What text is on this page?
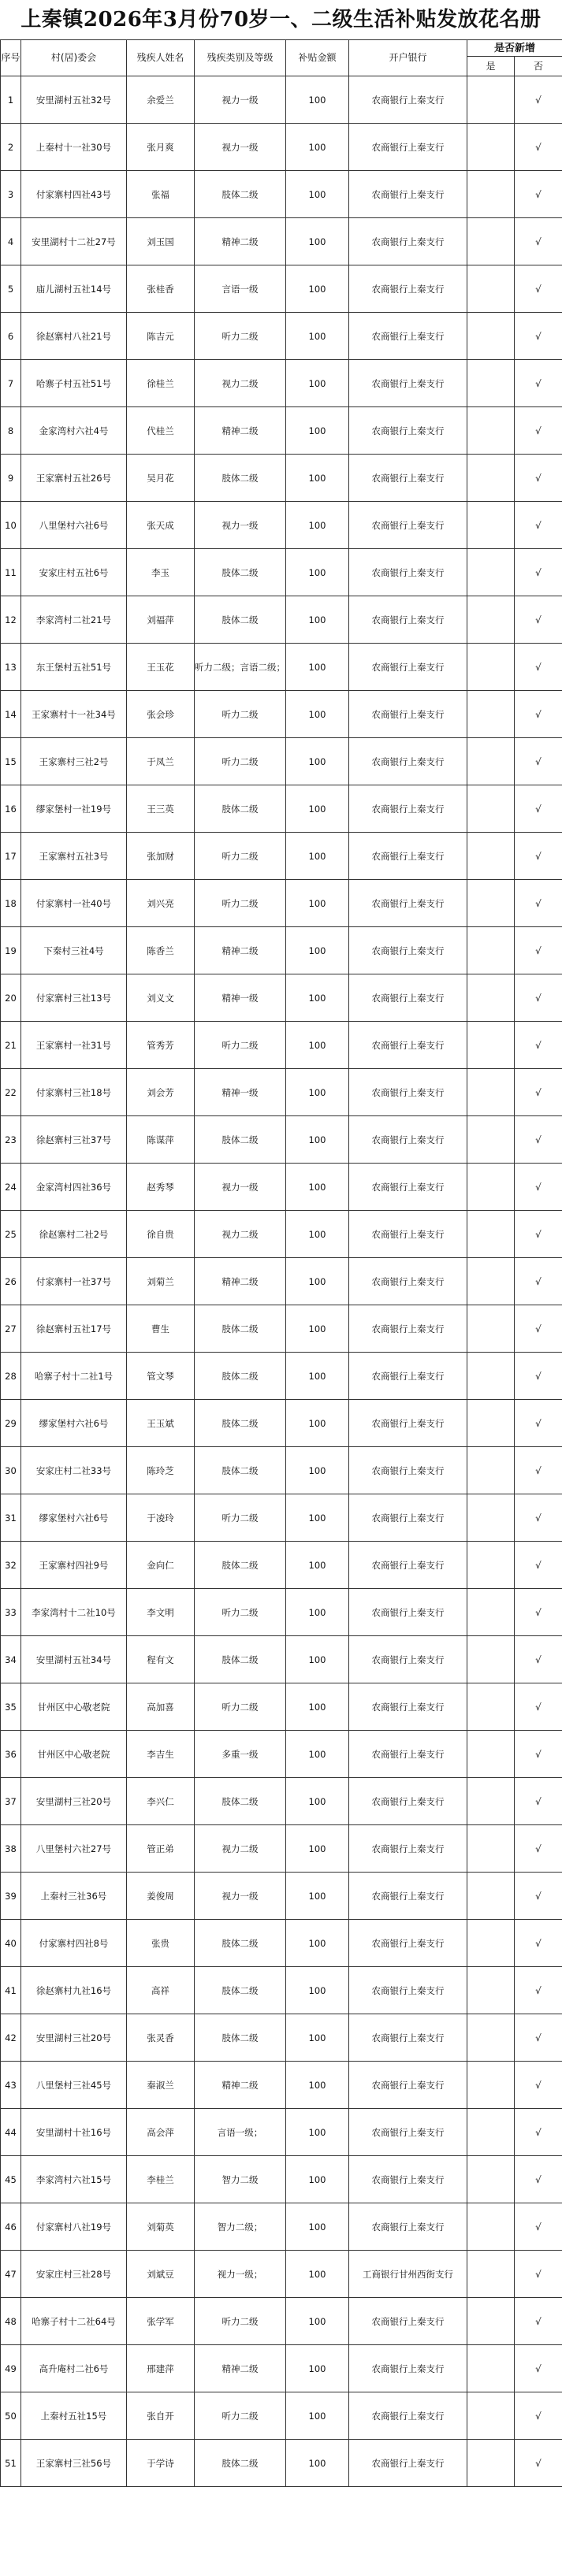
上秦镇2026年3月份70岁一、二级生活补贴发放花名册
序号	村(居)委会	残疾人姓名	残疾类别及等级	补贴金额	开户银行	是否新增	
						是	否
1	安里湖村五社32号	余爱兰	视力一级	100	农商银行上秦支行		√
2	上秦村十一社30号	张月爽	视力一级	100	农商银行上秦支行		√
3	付家寨村四社43号	张福	肢体二级	100	农商银行上秦支行		√
4	安里湖村十二社27号	刘玉国	精神二级	100	农商银行上秦支行		√
5	庙儿湖村五社14号	张桂香	言语一级	100	农商银行上秦支行		√
6	徐赵寨村八社21号	陈吉元	听力二级	100	农商银行上秦支行		√
7	哈寨子村五社51号	徐桂兰	视力二级	100	农商银行上秦支行		√
8	金家湾村六社4号	代桂兰	精神二级	100	农商银行上秦支行		√
9	王家寨村五社26号	吴月花	肢体二级	100	农商银行上秦支行		√
10	八里堡村六社6号	张天成	视力一级	100	农商银行上秦支行		√
11	安家庄村五社6号	李玉	肢体二级	100	农商银行上秦支行		√
12	李家湾村二社21号	刘福萍	肢体二级	100	农商银行上秦支行		√
13	东王堡村五社51号	王玉花	听力二级；言语二级；	100	农商银行上秦支行		√
14	王家寨村十一社34号	张会珍	听力二级	100	农商银行上秦支行		√
15	王家寨村三社2号	于凤兰	听力二级	100	农商银行上秦支行		√
16	缪家堡村一社19号	王三英	肢体二级	100	农商银行上秦支行		√
17	王家寨村五社3号	张加财	听力二级	100	农商银行上秦支行		√
18	付家寨村一社40号	刘兴亮	听力二级	100	农商银行上秦支行		√
19	下秦村三社4号	陈香兰	精神二级	100	农商银行上秦支行		√
20	付家寨村三社13号	刘义文	精神一级	100	农商银行上秦支行		√
21	王家寨村一社31号	管秀芳	听力二级	100	农商银行上秦支行		√
22	付家寨村三社18号	刘会芳	精神一级	100	农商银行上秦支行		√
23	徐赵寨村三社37号	陈谋萍	肢体二级	100	农商银行上秦支行		√
24	金家湾村四社36号	赵秀琴	视力一级	100	农商银行上秦支行		√
25	徐赵寨村二社2号	徐自贵	视力二级	100	农商银行上秦支行		√
26	付家寨村一社37号	刘菊兰	精神二级	100	农商银行上秦支行		√
27	徐赵寨村五社17号	曹生	肢体二级	100	农商银行上秦支行		√
28	哈寨子村十二社1号	管文琴	肢体二级	100	农商银行上秦支行		√
29	缪家堡村六社6号	王玉斌	肢体二级	100	农商银行上秦支行		√
30	安家庄村二社33号	陈玲芝	肢体二级	100	农商银行上秦支行		√
31	缪家堡村六社6号	于凌玲	听力二级	100	农商银行上秦支行		√
32	王家寨村四社9号	金向仁	肢体二级	100	农商银行上秦支行		√
33	李家湾村十二社10号	李文明	听力二级	100	农商银行上秦支行		√
34	安里湖村五社34号	程有文	肢体二级	100	农商银行上秦支行		√
35	甘州区中心敬老院	高加喜	听力二级	100	农商银行上秦支行		√
36	甘州区中心敬老院	李吉生	多重一级	100	农商银行上秦支行		√
37	安里湖村三社20号	李兴仁	肢体二级	100	农商银行上秦支行		√
38	八里堡村六社27号	管正弟	视力二级	100	农商银行上秦支行		√
39	上秦村三社36号	姜俊周	视力一级	100	农商银行上秦支行		√
40	付家寨村四社8号	张贵	肢体二级	100	农商银行上秦支行		√
41	徐赵寨村九社16号	高祥	肢体二级	100	农商银行上秦支行		√
42	安里湖村三社20号	张灵香	肢体二级	100	农商银行上秦支行		√
43	八里堡村三社45号	秦淑兰	精神二级	100	农商银行上秦支行		√
44	安里湖村十社16号	高会萍	言语一级；	100	农商银行上秦支行		√
45	李家湾村六社15号	李桂兰	智力二级	100	农商银行上秦支行		√
46	付家寨村八社19号	刘菊英	智力二级；	100	农商银行上秦支行		√
47	安家庄村三社28号	刘斌豆	视力一级；	100	工商银行甘州西街支行		√
48	哈寨子村十二社64号	张学军	听力二级	100	农商银行上秦支行		√
49	高升庵村二社6号	邢建萍	精神二级	100	农商银行上秦支行		√
50	上秦村五社15号	张自开	听力二级	100	农商银行上秦支行		√
51	王家寨村三社56号	于学诗	肢体二级	100	农商银行上秦支行		√
